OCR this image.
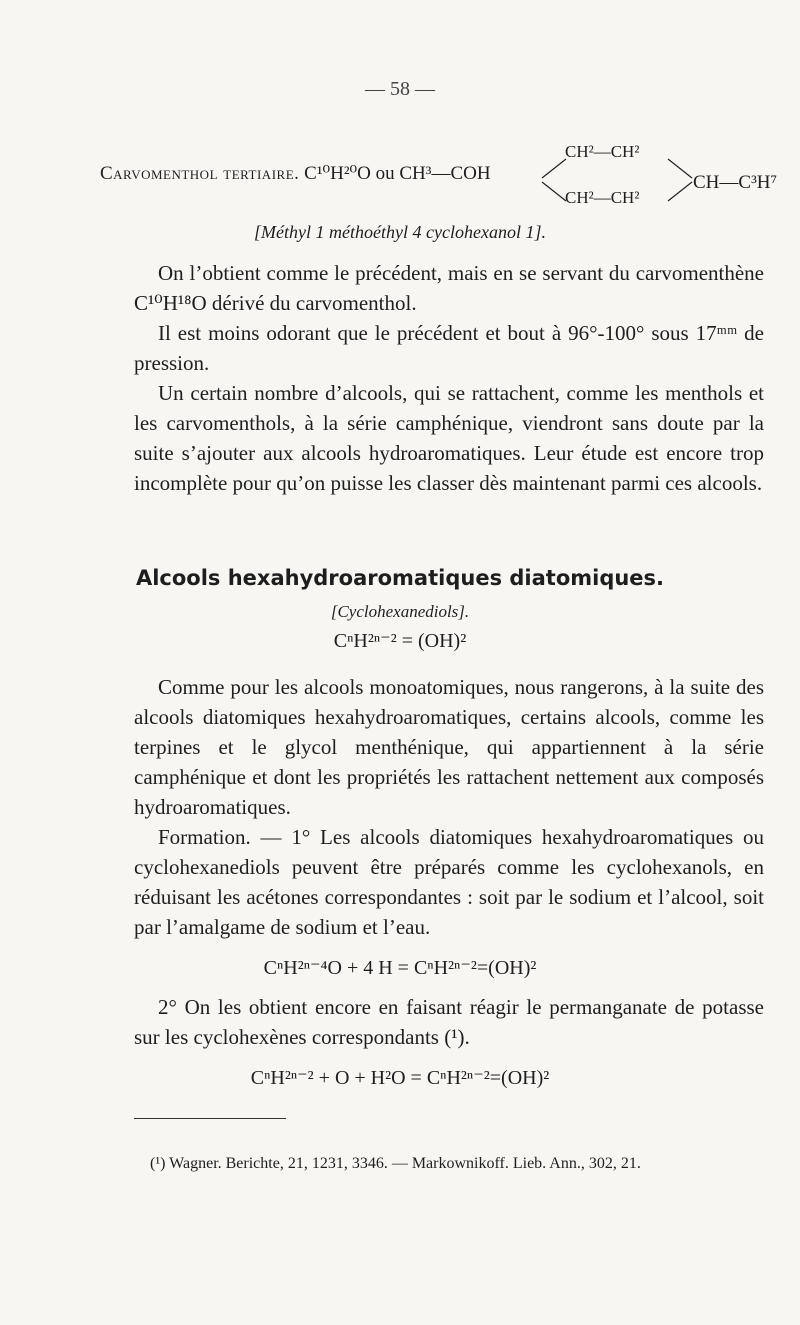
— 58 —
Carvomenthol tertiaire. C¹⁰H²⁰O ou CH³—COH
CH²—CH²
CH²—CH²
CH—C³H⁷
[Méthyl 1 méthoéthyl 4 cyclohexanol 1].

On l’obtient comme le précédent, mais en se servant du carvomenthène C¹⁰H¹⁸O dérivé du carvomenthol.

Il est moins odorant que le précédent et bout à 96°-100° sous 17ᵐᵐ de pression.

Un certain nombre d’alcools, qui se rattachent, comme les menthols et les carvomenthols, à la série camphénique, viendront sans doute par la suite s’ajouter aux alcools hydroaromatiques. Leur étude est encore trop incomplète pour qu’on puisse les classer dès maintenant parmi ces alcools.

Alcools hexahydroaromatiques diatomiques.
[Cyclohexanediols].
CⁿH²ⁿ⁻² = (OH)²

Comme pour les alcools monoatomiques, nous rangerons, à la suite des alcools diatomiques hexahydroaromatiques, certains alcools, comme les terpines et le glycol menthénique, qui appartiennent à la série camphénique et dont les propriétés les rattachent nettement aux composés hydroaromatiques.

Formation. — 1° Les alcools diatomiques hexahydroaromatiques ou cyclohexanediols peuvent être préparés comme les cyclohexanols, en réduisant les acétones correspondantes : soit par le sodium et l’alcool, soit par l’amalgame de sodium et l’eau.

CⁿH²ⁿ⁻⁴O + 4 H = CⁿH²ⁿ⁻²=(OH)²

2° On les obtient encore en faisant réagir le permanganate de potasse sur les cyclohexènes correspondants (¹).

CⁿH²ⁿ⁻² + O + H²O = CⁿH²ⁿ⁻²=(OH)²
(¹) Wagner. Berichte, 21, 1231, 3346. — Markownikoff. Lieb. Ann., 302, 21.
